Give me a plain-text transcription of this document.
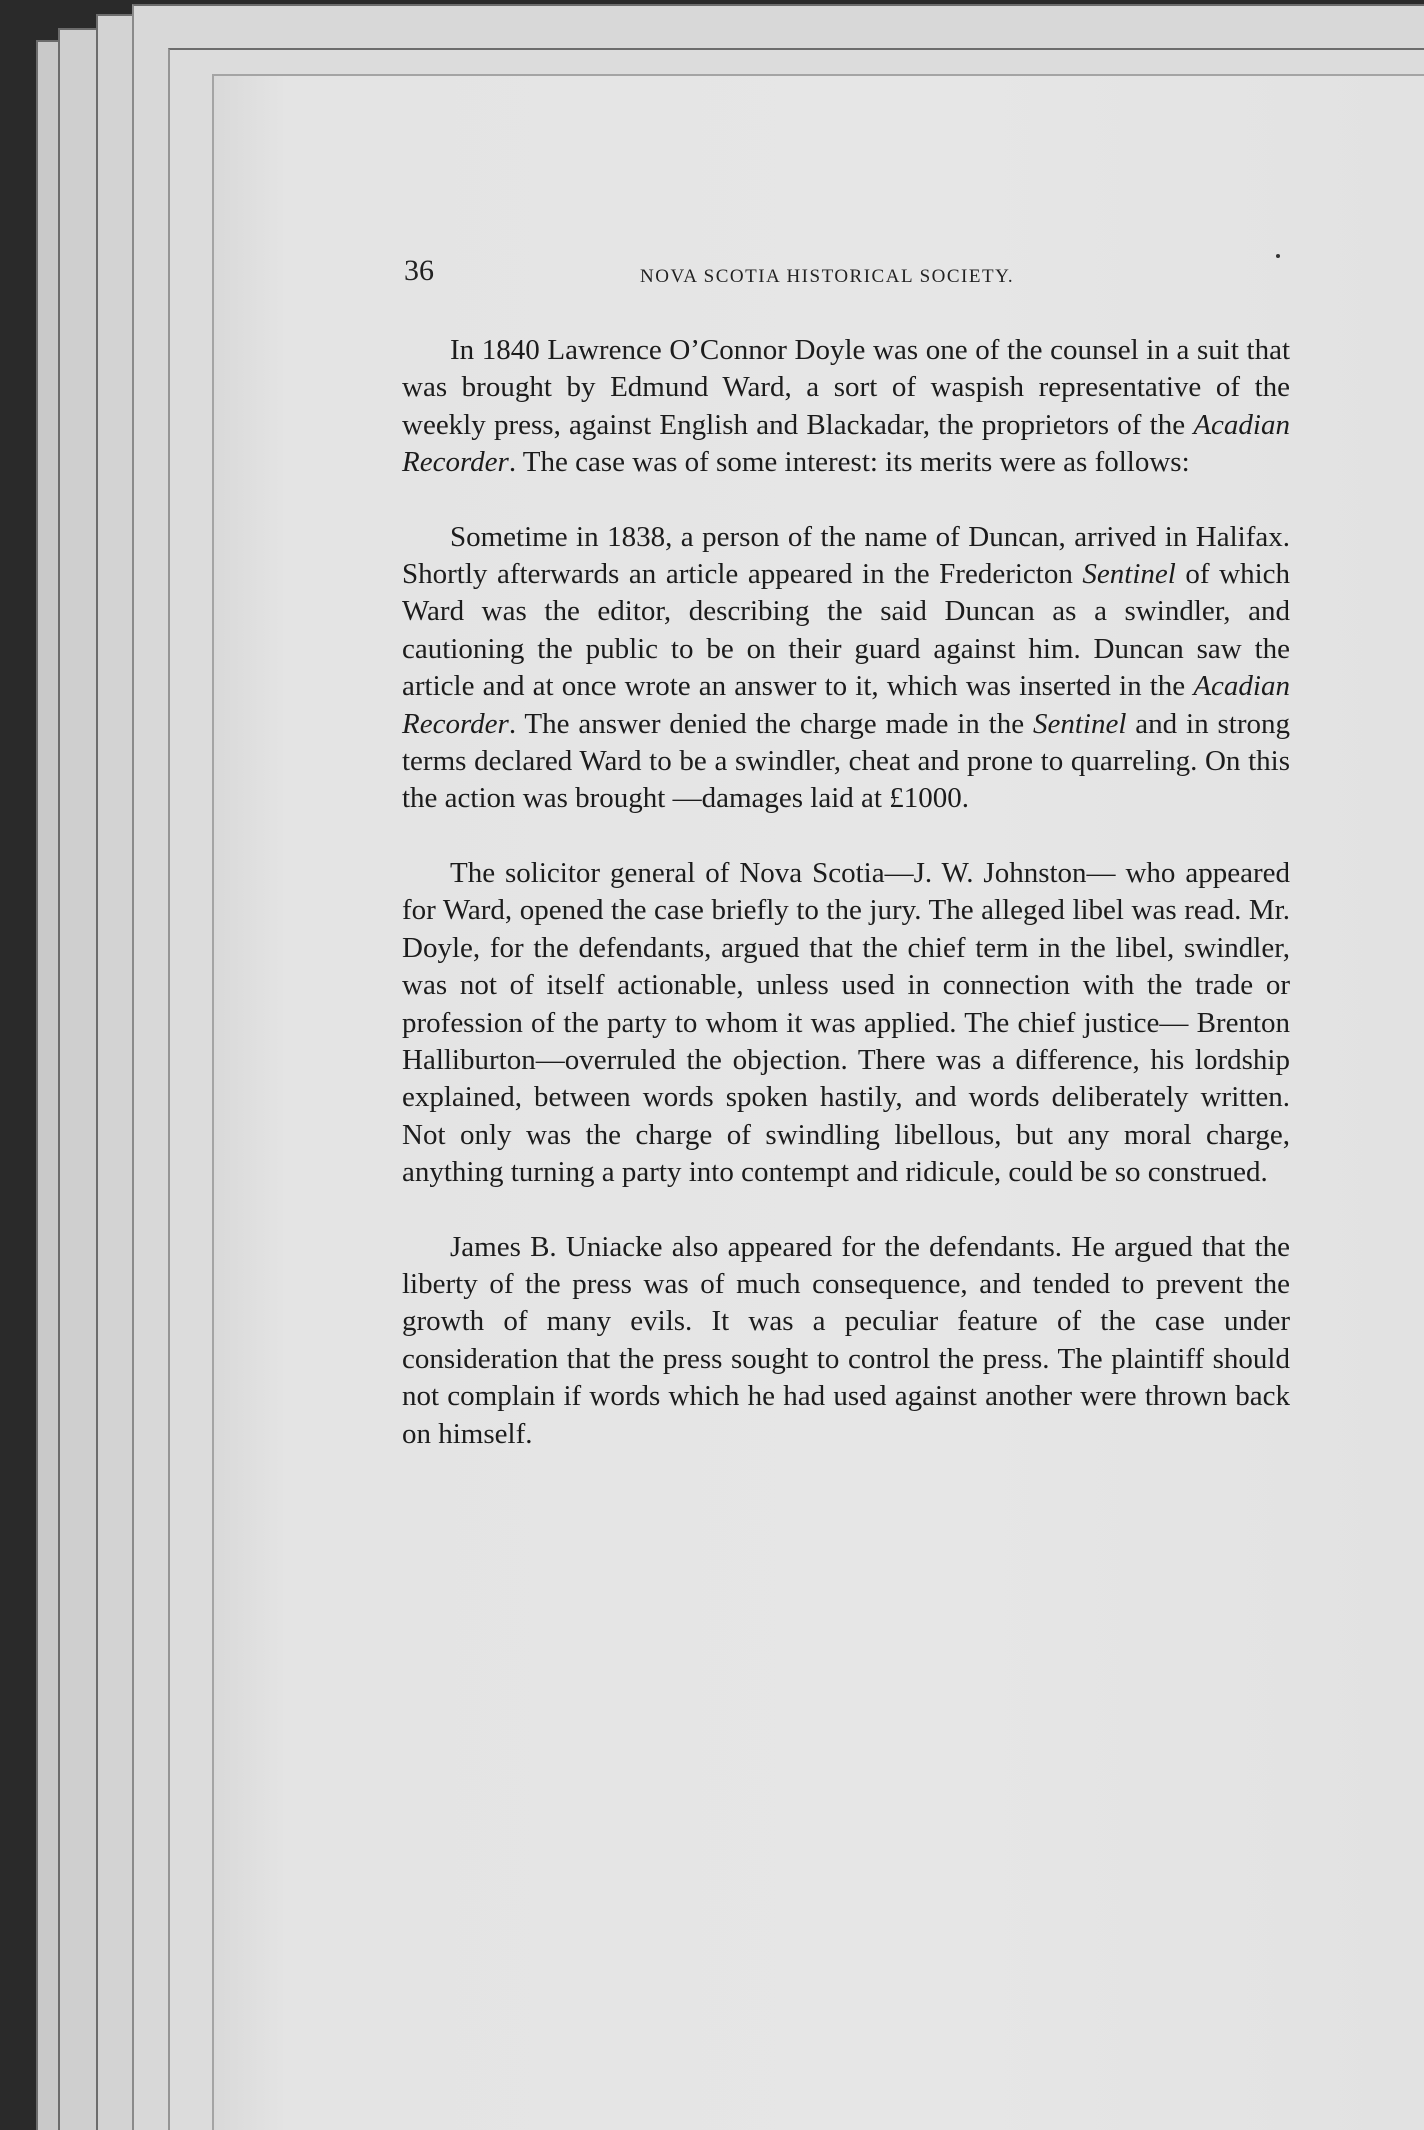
36	NOVA SCOTIA HISTORICAL SOCIETY.

In 1840 Lawrence O’Connor Doyle was one of the counsel in a suit that was brought by Edmund Ward, a sort of waspish representative of the weekly press, against English and Blackadar, the proprietors of the Acadian Recorder. The case was of some interest: its merits were as follows:

Sometime in 1838, a person of the name of Duncan, arrived in Halifax. Shortly afterwards an article appeared in the Fredericton Sentinel of which Ward was the editor, describing the said Duncan as a swindler, and cautioning the public to be on their guard against him. Duncan saw the article and at once wrote an answer to it, which was inserted in the Acadian Recorder. The answer denied the charge made in the Sentinel and in strong terms declared Ward to be a swindler, cheat and prone to quarreling. On this the action was brought —damages laid at £1000.

The solicitor general of Nova Scotia—J. W. Johnston— who appeared for Ward, opened the case briefly to the jury. The alleged libel was read. Mr. Doyle, for the defendants, argued that the chief term in the libel, swindler, was not of itself actionable, unless used in connection with the trade or profession of the party to whom it was applied. The chief justice— Brenton Halliburton—overruled the objection. There was a difference, his lordship explained, between words spoken hastily, and words deliberately written. Not only was the charge of swindling libellous, but any moral charge, anything turning a party into contempt and ridicule, could be so construed.

James B. Uniacke also appeared for the defendants. He argued that the liberty of the press was of much consequence, and tended to prevent the growth of many evils. It was a peculiar feature of the case under consideration that the press sought to control the press. The plaintiff should not complain if words which he had used against another were thrown back on himself.
